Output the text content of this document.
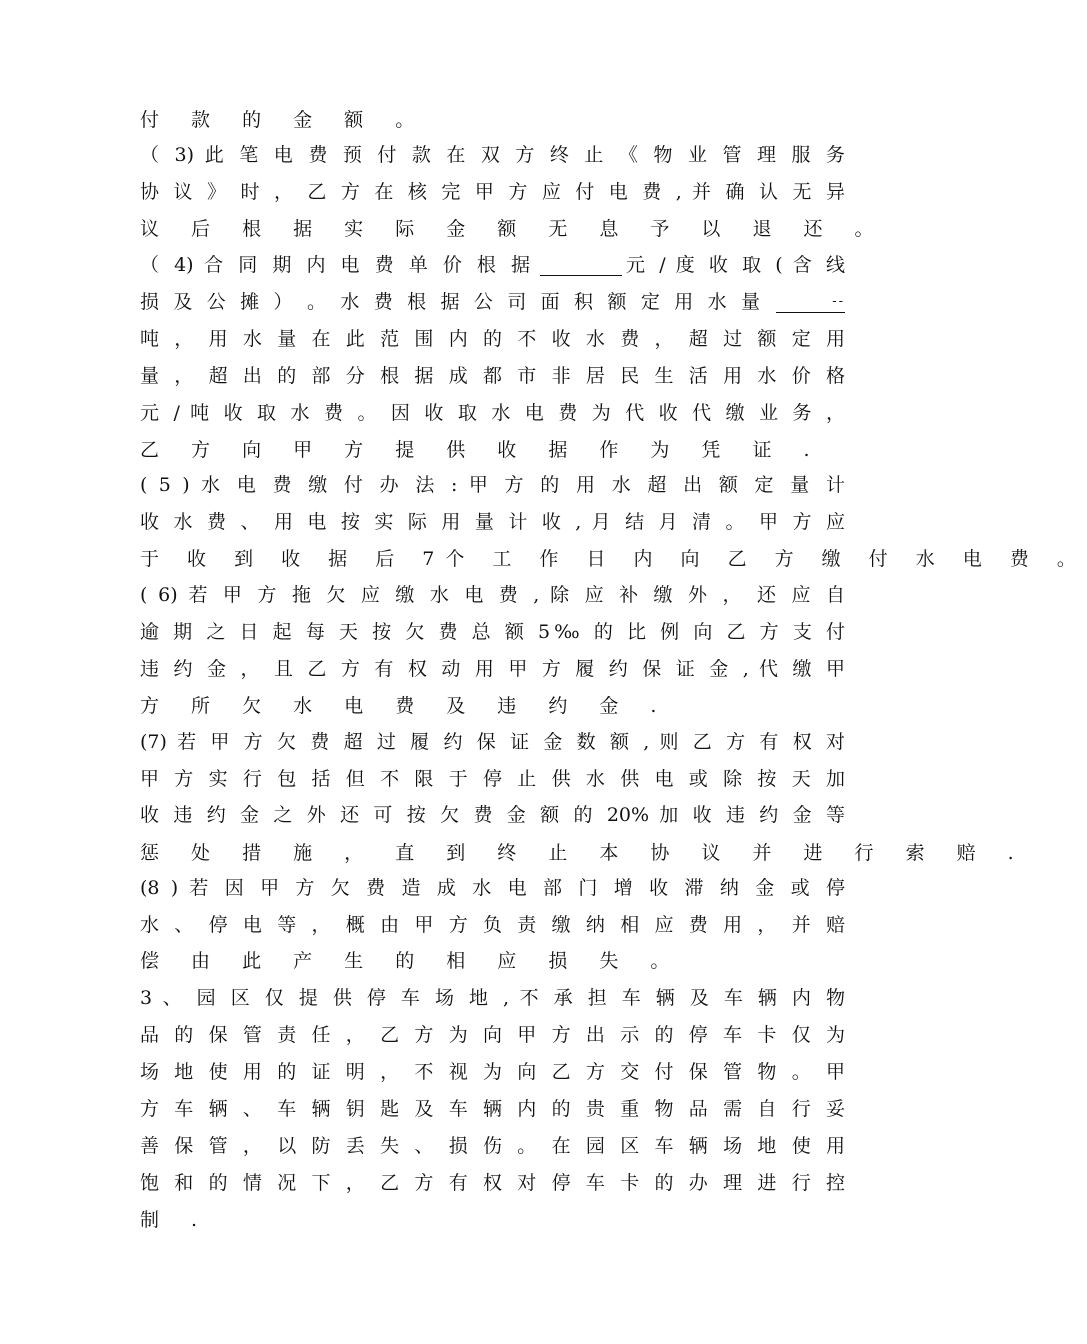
付 款 的 金 额 。
（ 3) 此 笔 电 费 预 付 款 在 双 方 终 止 《 物 业 管 理 服 务
协 议 》 时 ， 乙 方 在 核 完 甲 方 应 付 电 费 , 并 确 认 无 异
议 后 根 据 实 际 金 额 无 息 予 以 退 还 。
（ 4) 合 同 期 内 电 费 单 价 根 据	元 / 度 收 取 ( 含 线
损 及 公 摊 ） 。 水 费 根 据 公 司 面 积 额 定 用 水 量	--
吨 ， 用 水 量 在 此 范 围 内 的 不 收 水 费 ， 超 过 额 定 用
量 ， 超 出 的 部 分 根 据 成 都 市 非 居 民 生 活 用 水 价 格
元 / 吨 收 取 水 费 。 因 收 取 水 电 费 为 代 收 代 缴 业 务 ，
乙 方 向 甲 方 提 供 收 据 作 为 凭 证 .
( 5 ) 水 电 费 缴 付 办 法 : 甲 方 的 用 水 超 出 额 定 量 计
收 水 费 、 用 电 按 实 际 用 量 计 收 , 月 结 月 清 。 甲 方 应
于 收 到 收 据 后 7个 工 作 日 内 向 乙 方 缴 付 水 电 费 。
( 6) 若 甲 方 拖 欠 应 缴 水 电 费 , 除 应 补 缴 外 ， 还 应 自
逾 期 之 日 起 每 天 按 欠 费 总 额 5‰ 的 比 例 向 乙 方 支 付
违 约 金 ， 且 乙 方 有 权 动 用 甲 方 履 约 保 证 金 , 代 缴 甲
方 所 欠 水 电 费 及 违 约 金 .
(7) 若 甲 方 欠 费 超 过 履 约 保 证 金 数 额 , 则 乙 方 有 权 对
甲 方 实 行 包 括 但 不 限 于 停 止 供 水 供 电 或 除 按 天 加
收 违 约 金 之 外 还 可 按 欠 费 金 额 的 20% 加 收 违 约 金 等
惩 处 措 施 ， 直 到 终 止 本 协 议 并 进 行 索 赔 .
(8 ) 若 因 甲 方 欠 费 造 成 水 电 部 门 增 收 滞 纳 金 或 停
水 、 停 电 等 ， 概 由 甲 方 负 责 缴 纳 相 应 费 用 ， 并 赔
偿 由 此 产 生 的 相 应 损 失 。
3 、 园 区 仅 提 供 停 车 场 地 , 不 承 担 车 辆 及 车 辆 内 物
品 的 保 管 责 任 ， 乙 方 为 向 甲 方 出 示 的 停 车 卡 仅 为
场 地 使 用 的 证 明 ， 不 视 为 向 乙 方 交 付 保 管 物 。 甲
方 车 辆 、 车 辆 钥 匙 及 车 辆 内 的 贵 重 物 品 需 自 行 妥
善 保 管 ， 以 防 丢 失 、 损 伤 。 在 园 区 车 辆 场 地 使 用
饱 和 的 情 况 下 ， 乙 方 有 权 对 停 车 卡 的 办 理 进 行 控
制 .
